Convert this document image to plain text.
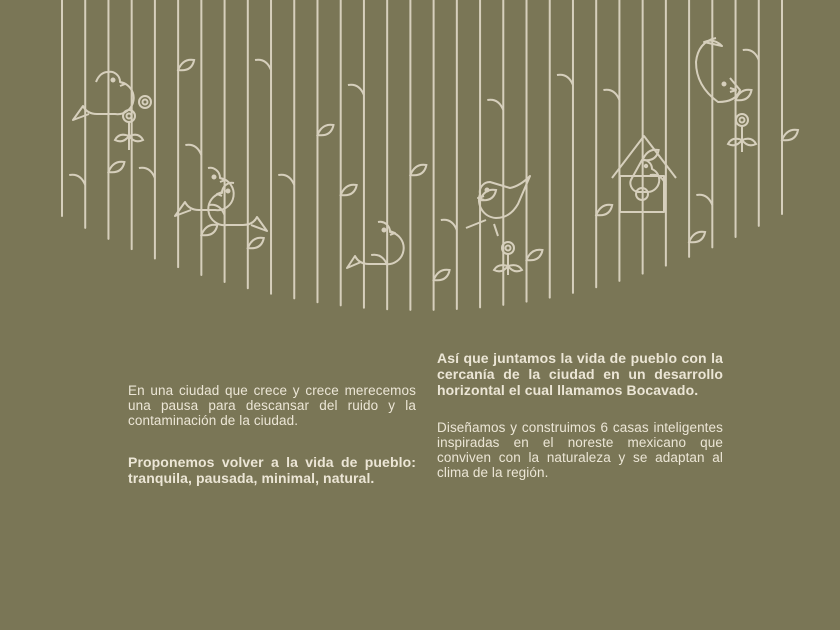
En una ciudad que crece y crece merecemos una pausa para descansar del ruido y la contaminación de la ciudad.

Proponemos volver a la vida de pueblo: tranquila, pausada, minimal, natural.

Así que juntamos la vida de pueblo con la cercanía de la ciudad en un desarrollo horizontal el cual llamamos Bocavado.

Diseñamos y construimos 6 casas inteligentes inspiradas en el noreste mexicano que conviven con la naturaleza y se adaptan al clima de la región.
